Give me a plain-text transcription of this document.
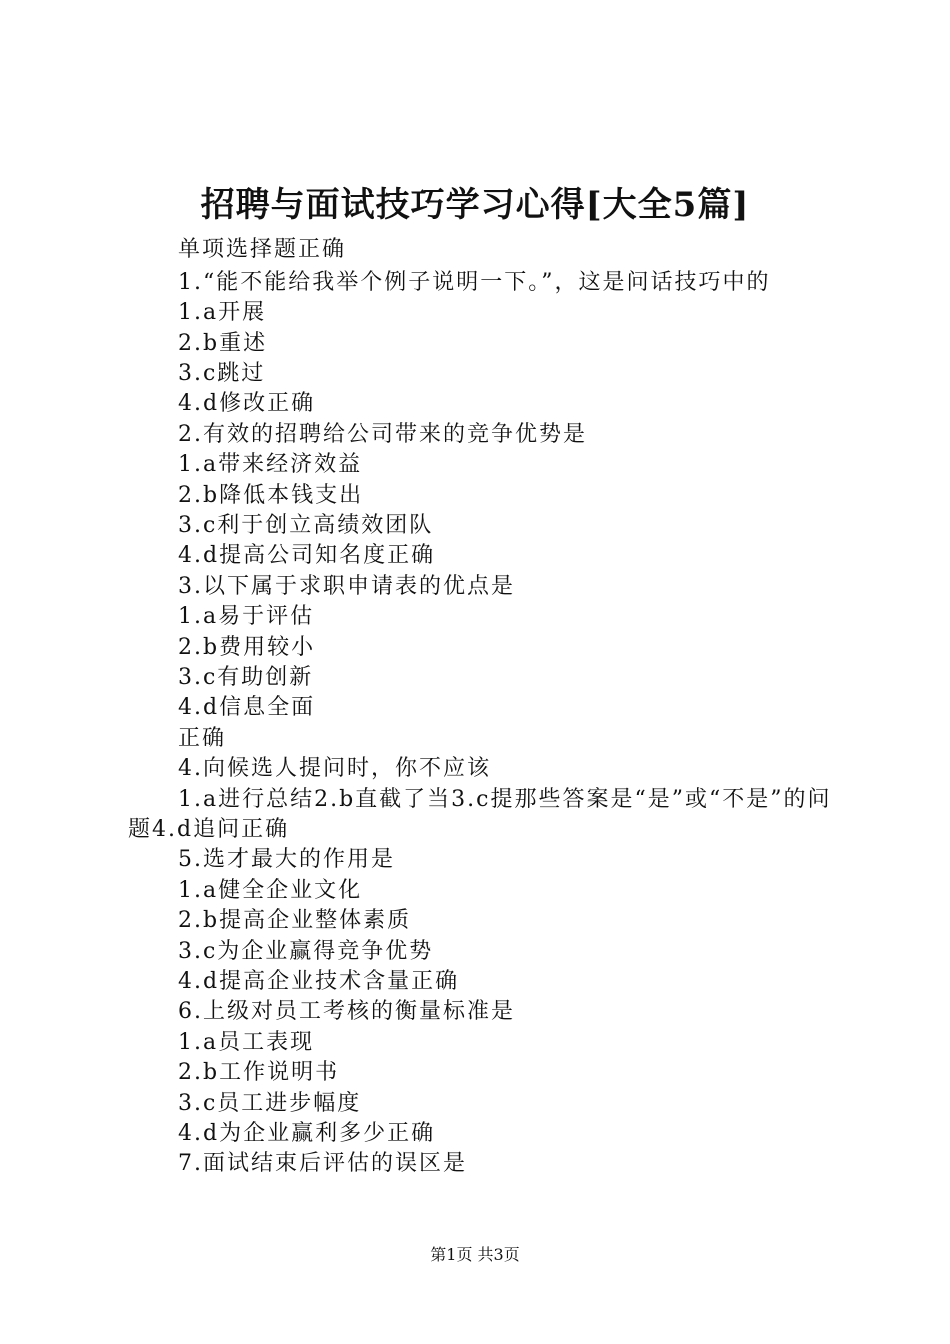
招聘与面试技巧学习心得[大全5篇]
单项选择题正确
1.“能不能给我举个例子说明一下。”，这是问话技巧中的
1.a开展
2.b重述
3.c跳过
4.d修改正确
2.有效的招聘给公司带来的竞争优势是
1.a带来经济效益
2.b降低本钱支出
3.c利于创立高绩效团队
4.d提高公司知名度正确
3.以下属于求职申请表的优点是
1.a易于评估
2.b费用较小
3.c有助创新
4.d信息全面
正确
4.向候选人提问时，你不应该
1.a进行总结2.b直截了当3.c提那些答案是“是”或“不是”的问题4.d追问正确
5.选才最大的作用是
1.a健全企业文化
2.b提高企业整体素质
3.c为企业赢得竞争优势
4.d提高企业技术含量正确
6.上级对员工考核的衡量标准是
1.a员工表现
2.b工作说明书
3.c员工进步幅度
4.d为企业赢利多少正确
7.面试结束后评估的误区是
第1页 共3页
